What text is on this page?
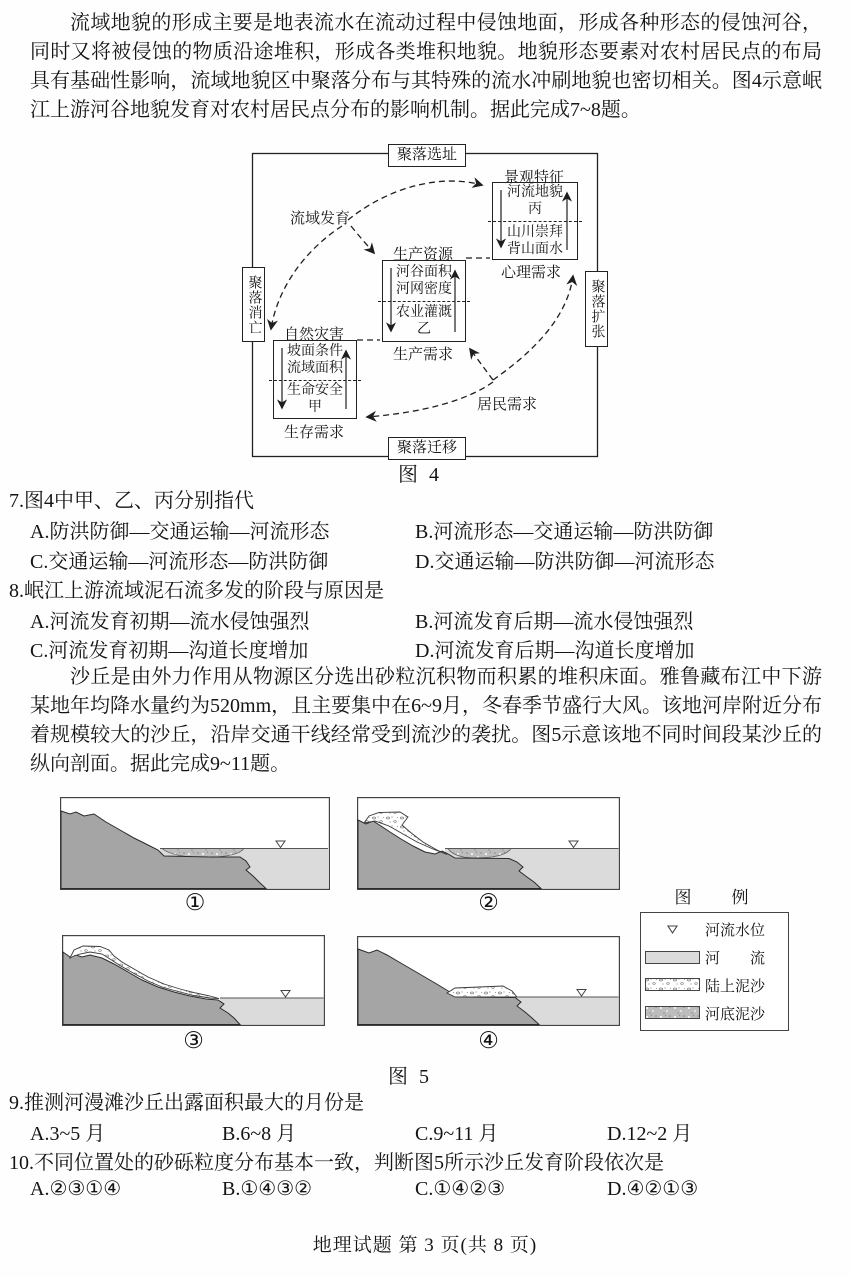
流域地貌的形成主要是地表流水在流动过程中侵蚀地面，形成各种形态的侵蚀河谷，同时又将被侵蚀的物质沿途堆积，形成各类堆积地貌。地貌形态要素对农村居民点的布局具有基础性影响，流域地貌区中聚落分布与其特殊的流水冲刷地貌也密切相关。图4示意岷江上游河谷地貌发育对农村居民点分布的影响机制。据此完成7~8题。

聚落选址
聚落迁移
聚落消亡	聚落扩张
流域发育
居民需求
景观特征
河流地貌
丙
山川崇拜
背山面水
心理需求
生产资源
河谷面积
河网密度
农业灌溉
乙
生产需求
自然灾害
坡面条件
流域面积
生命安全
甲
生存需求
图 4
7.图4中甲、乙、丙分别指代
A.防洪防御—交通运输—河流形态	B.河流形态—交通运输—防洪防御
C.交通运输—河流形态—防洪防御	D.交通运输—防洪防御—河流形态
8.岷江上游流域泥石流多发的阶段与原因是
A.河流发育初期—流水侵蚀强烈	B.河流发育后期—流水侵蚀强烈
C.河流发育初期—沟道长度增加	D.河流发育后期—沟道长度增加

沙丘是由外力作用从物源区分选出砂粒沉积物而积累的堆积床面。雅鲁藏布江中下游某地年均降水量约为520mm，且主要集中在6~9月，冬春季节盛行大风。该地河岸附近分布着规模较大的沙丘，沿岸交通干线经常受到流沙的袭扰。图5示意该地不同时间段某沙丘的纵向剖面。据此完成9~11题。

①	②
③	④
图　　例
河流水位
河　　流
陆上泥沙
河底泥沙
图 5
9.推测河漫滩沙丘出露面积最大的月份是
A.3~5 月	B.6~8 月	C.9~11 月	D.12~2 月
10.不同位置处的砂砾粒度分布基本一致，判断图5所示沙丘发育阶段依次是
A.②③①④	B.①④③②	C.①④②③	D.④②①③
地理试题 第 3 页(共 8 页)
